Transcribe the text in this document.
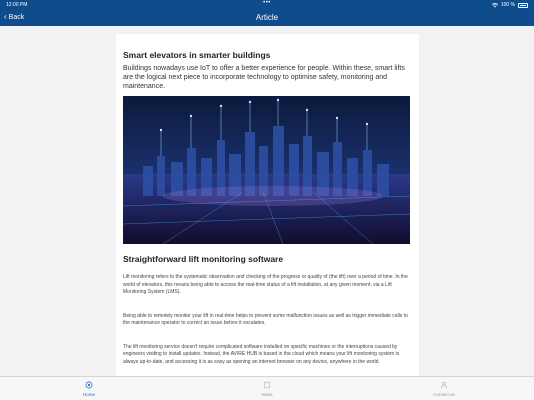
12:00 PM	•••	100 %
‹ Back	Article
Smart elevators in smarter buildings
Buildings nowadays use IoT to offer a better experience for people. Within these, smart lifts are the logical next piece to incorporate technology to optimise safety, monitoring and maintenance.
Straightforward lift monitoring software
Lift monitoring refers to the systematic observation and checking of the progress or quality of (the lift) over a period of time. In the world of elevators, this means being able to access the real-time status of a lift installation, at any given moment, via a Lift Monitoring System (LMS).
Being able to remotely monitor your lift in real-time helps to prevent some malfunction issues as well as trigger immediate calls to the maintenance operator to correct an issue before it escalates.
The lift monitoring service doesn't require complicated software installed on specific machines or the interruptions caused by engineers visiting to install updates. Instead, the AVIRE HUB is based in the cloud which means your lift monitoring system is always up-to-date, and accessing it is as easy as opening an internet browser on any device, anywhere in the world.
Home	News	Contact us
